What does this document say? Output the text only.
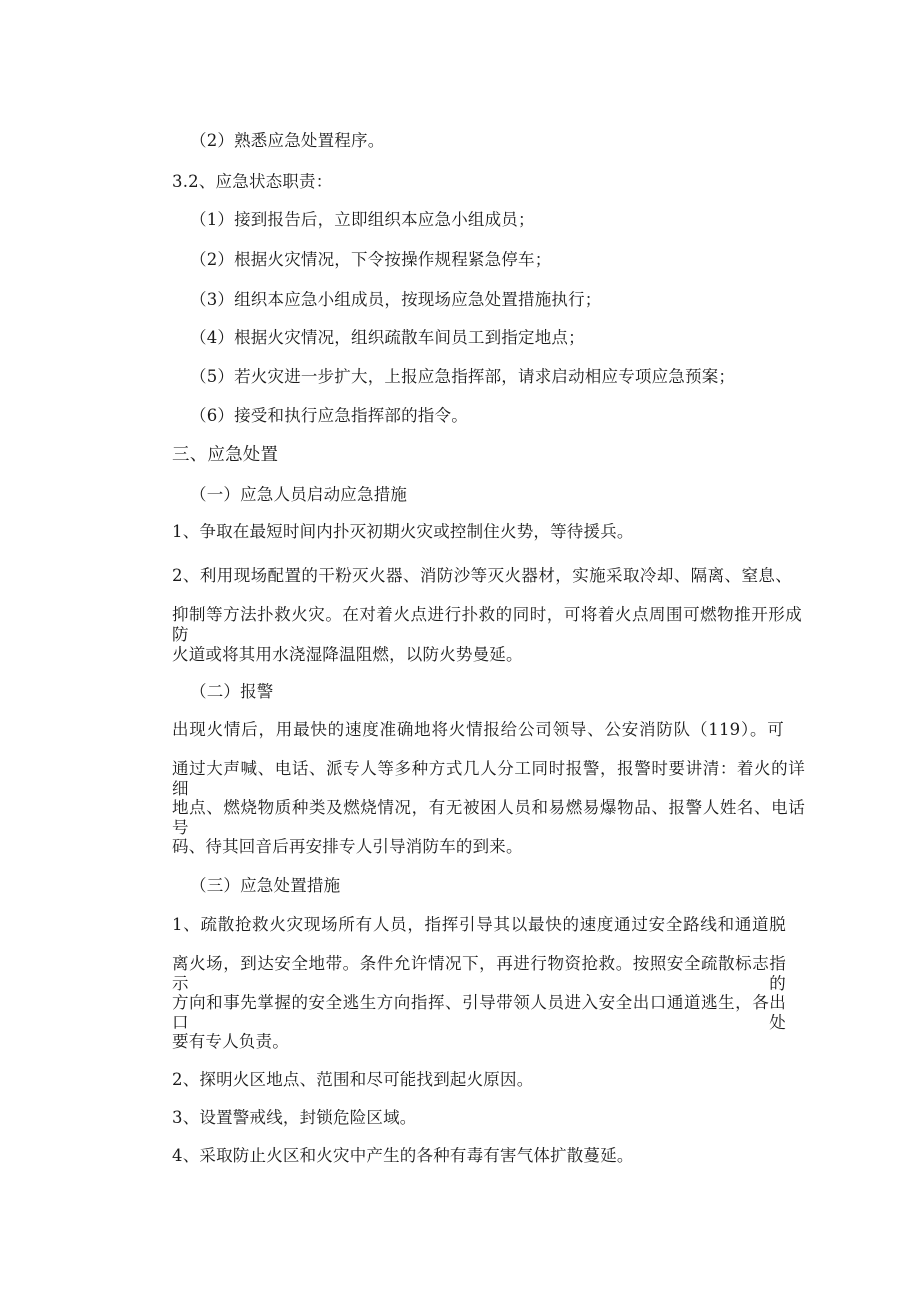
（2）熟悉应急处置程序。
3.2、应急状态职责：
（1）接到报告后，立即组织本应急小组成员；
（2）根据火灾情况，下令按操作规程紧急停车；
（3）组织本应急小组成员，按现场应急处置措施执行；
（4）根据火灾情况，组织疏散车间员工到指定地点；
（5）若火灾进一步扩大，上报应急指挥部，请求启动相应专项应急预案；
（6）接受和执行应急指挥部的指令。
三、应急处置
（一）应急人员启动应急措施
1、争取在最短时间内扑灭初期火灾或控制住火势，等待援兵。
2、利用现场配置的干粉灭火器、消防沙等灭火器材，实施采取冷却、隔离、窒息、
抑制等方法扑救火灾。在对着火点进行扑救的同时，可将着火点周围可燃物推开形成防
火道或将其用水浇湿降温阻燃，以防火势曼延。
（二）报警
出现火情后，用最快的速度准确地将火情报给公司领导、公安消防队（119）。可
通过大声喊、电话、派专人等多种方式几人分工同时报警，报警时要讲清：着火的详细
地点、燃烧物质种类及燃烧情况，有无被困人员和易燃易爆物品、报警人姓名、电话号
码、待其回音后再安排专人引导消防车的到来。
（三）应急处置措施
1、疏散抢救火灾现场所有人员，指挥引导其以最快的速度通过安全路线和通道脱
离火场，到达安全地带。条件允许情况下，再进行物资抢救。按照安全疏散标志指示的
方向和事先掌握的安全逃生方向指挥、引导带领人员进入安全出口通道逃生，各出口处
要有专人负责。
2、探明火区地点、范围和尽可能找到起火原因。
3、设置警戒线，封锁危险区域。
4、采取防止火区和火灾中产生的各种有毒有害气体扩散蔓延。
